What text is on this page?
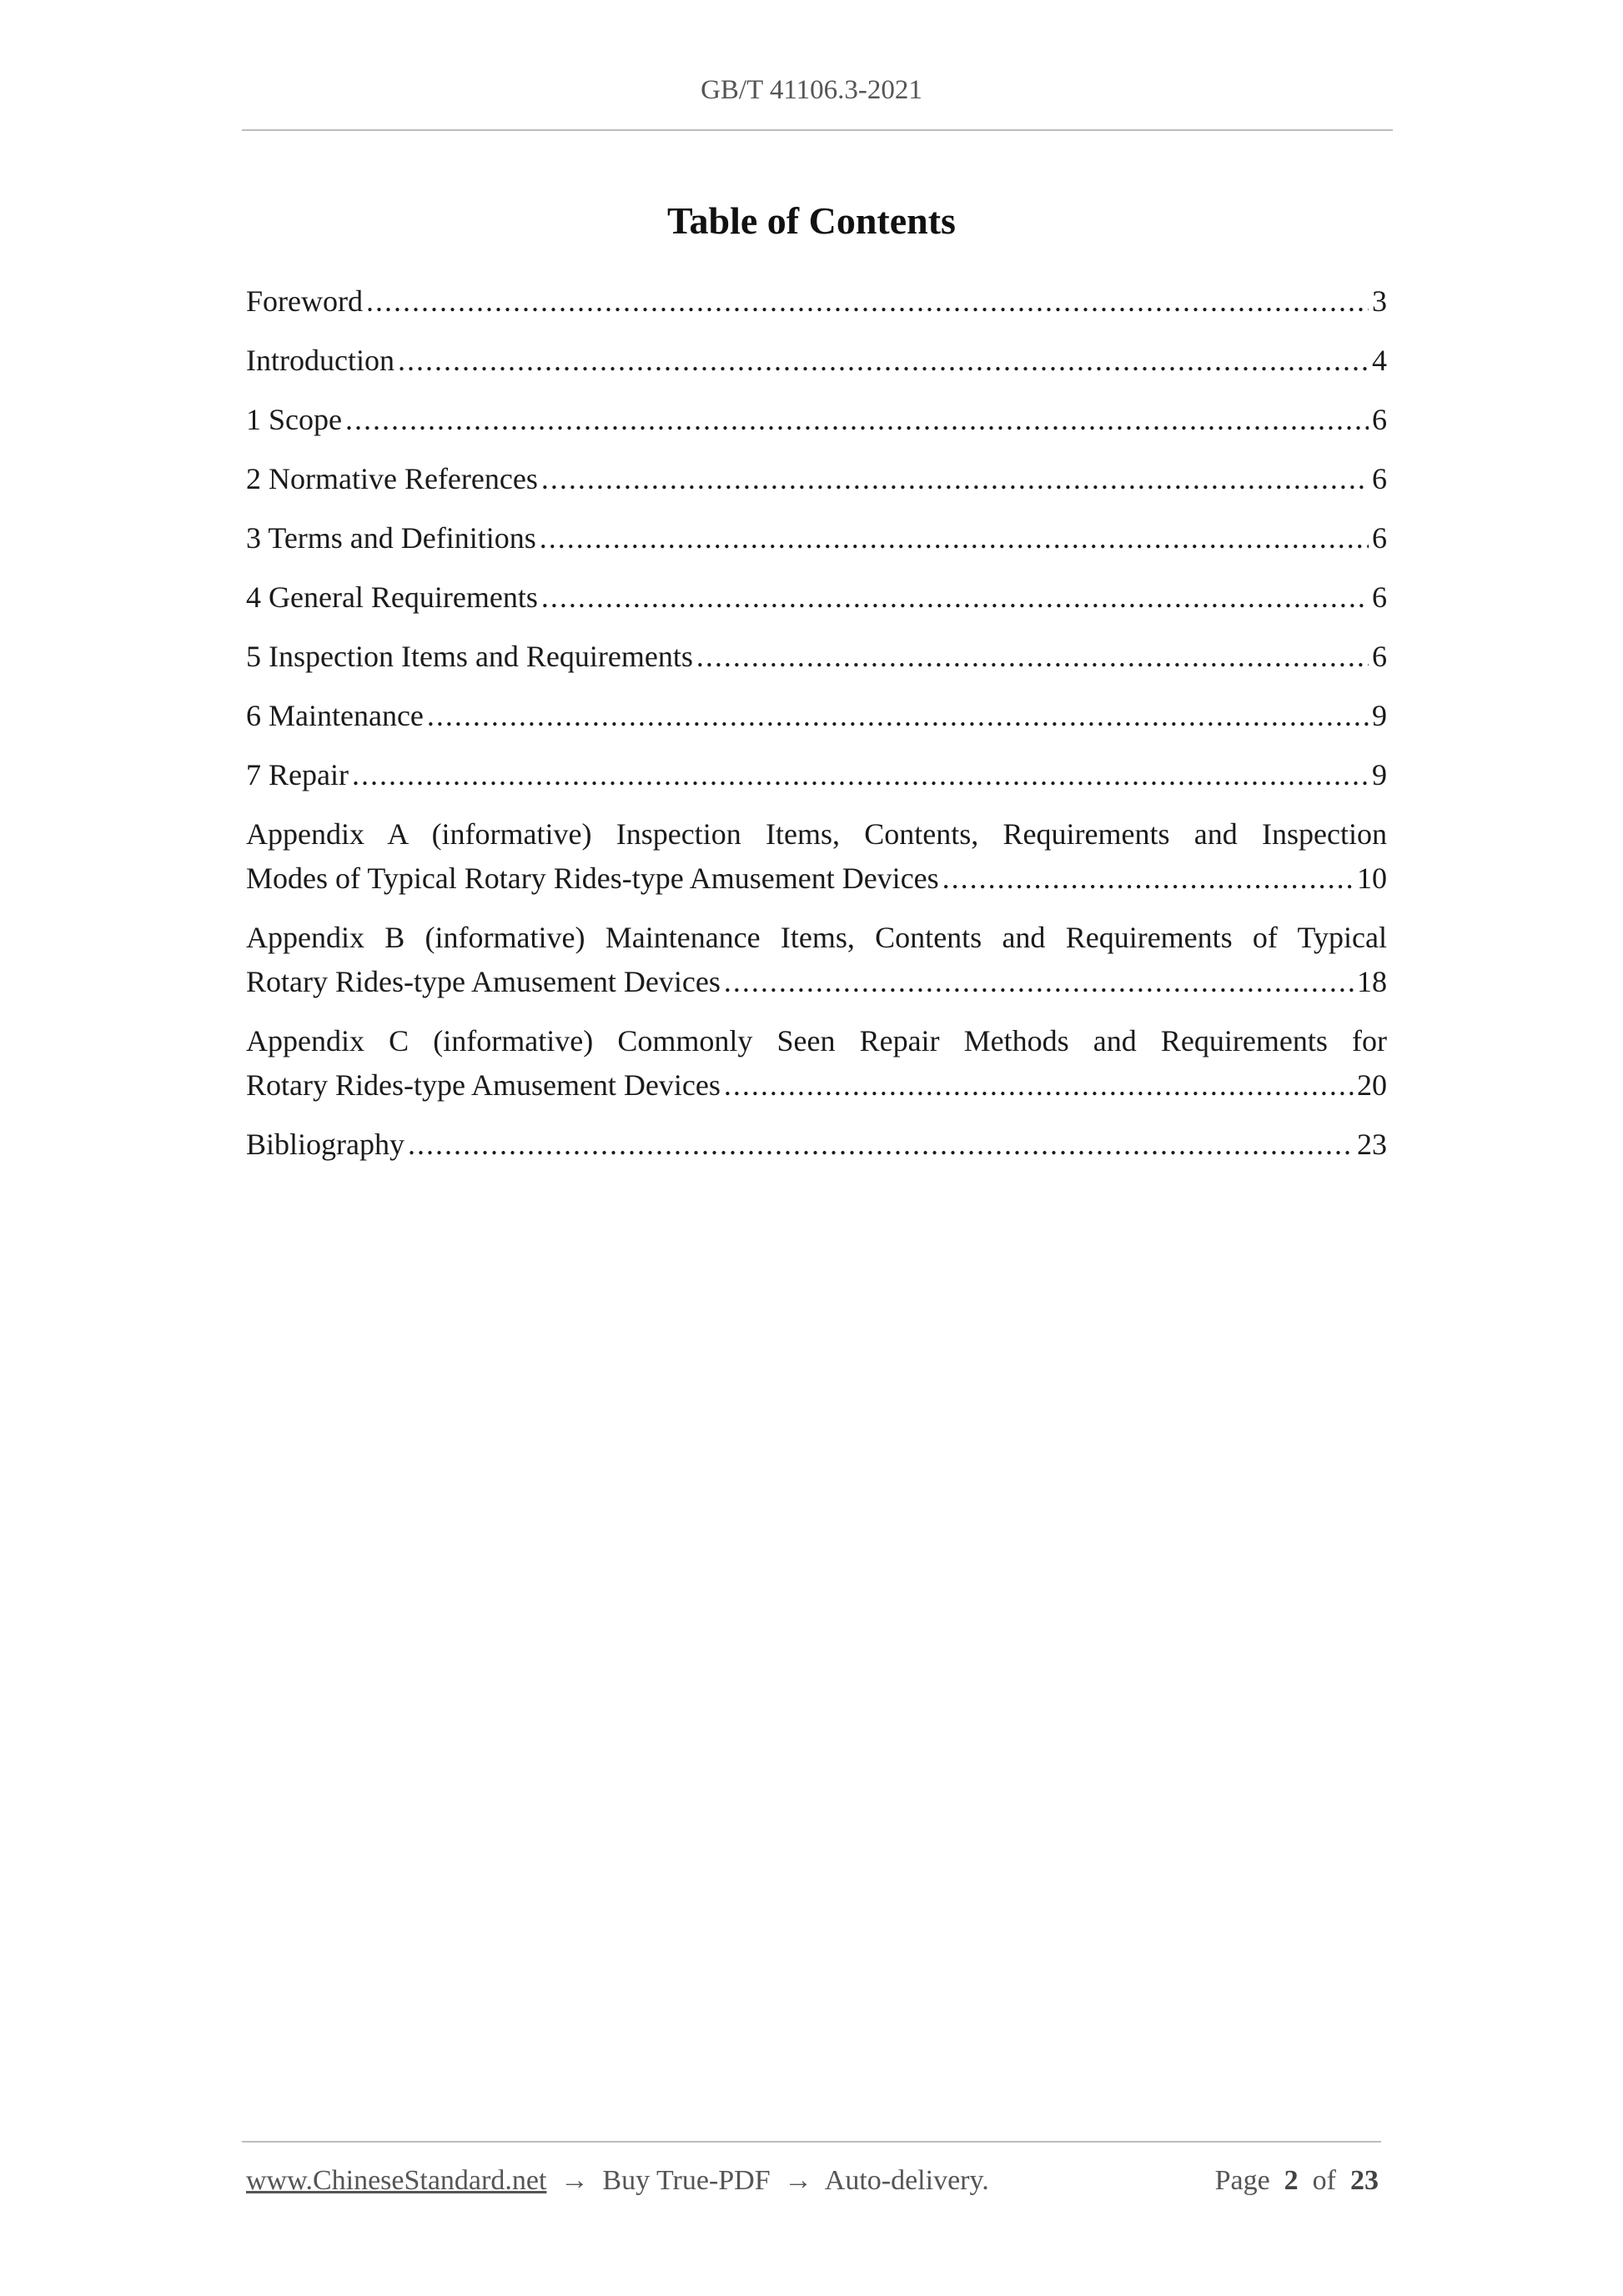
GB/T 41106.3-2021
Table of Contents
Foreword .....	3
Introduction .....	4
1 Scope .....	6
2 Normative References .....	6
3 Terms and Definitions .....	6
4 General Requirements .....	6
5 Inspection Items and Requirements .....	6
6 Maintenance .....	9
7 Repair .....	9
Appendix A (informative) Inspection Items, Contents, Requirements and Inspection
Modes of Typical Rotary Rides-type Amusement Devices .....	10
Appendix B (informative) Maintenance Items, Contents and Requirements of Typical
Rotary Rides-type Amusement Devices .....	18
Appendix C (informative) Commonly Seen Repair Methods and Requirements for
Rotary Rides-type Amusement Devices .....	20
Bibliography .....	23
www.ChineseStandard.net → Buy True-PDF → Auto-delivery.	Page 2 of 23
